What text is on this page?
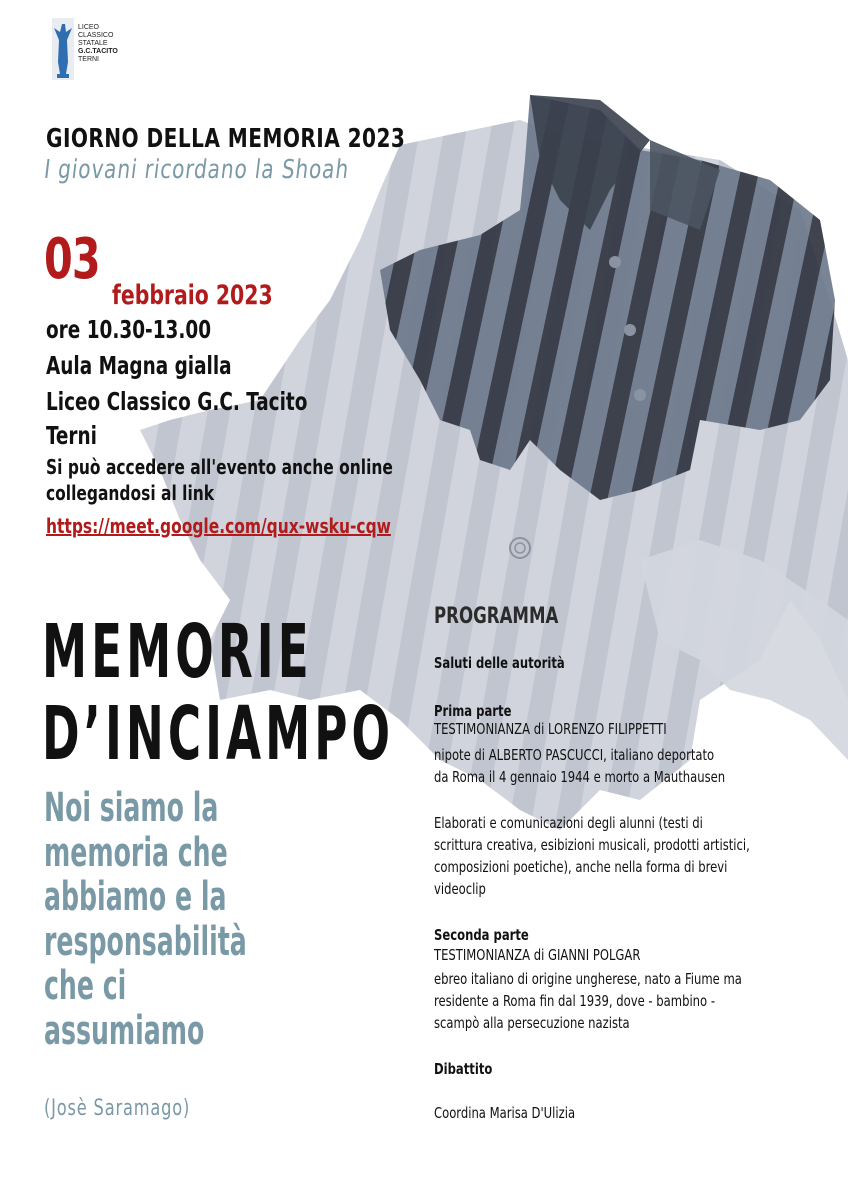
LICEO
CLASSICO
STATALE
G.C.TACITO
TERNI
GIORNO DELLA MEMORIA 2023
I giovani ricordano la Shoah
03
febbraio 2023
ore 10.30-13.00
Aula Magna gialla
Liceo Classico G.C. Tacito
Terni
Si può accedere all'evento anche online
collegandosi al link
https://meet.google.com/qux-wsku-cqw
MEMORIE
D’INCIAMPO
Noi siamo la
memoria che
abbiamo e la
responsabilità
che ci
assumiamo
(Josè Saramago)
PROGRAMMA
Saluti delle autorità
Prima parte
TESTIMONIANZA di LORENZO FILIPPETTI
nipote di ALBERTO PASCUCCI, italiano deportato
da Roma il 4 gennaio 1944 e morto a Mauthausen
Elaborati e comunicazioni degli alunni (testi di
scrittura creativa, esibizioni musicali, prodotti artistici,
composizioni poetiche), anche nella forma di brevi
videoclip
Seconda parte
TESTIMONIANZA di GIANNI POLGAR
ebreo italiano di origine ungherese, nato a Fiume ma
residente a Roma fin dal 1939, dove - bambino -
scampò alla persecuzione nazista
Dibattito
Coordina Marisa D'Ulizia
